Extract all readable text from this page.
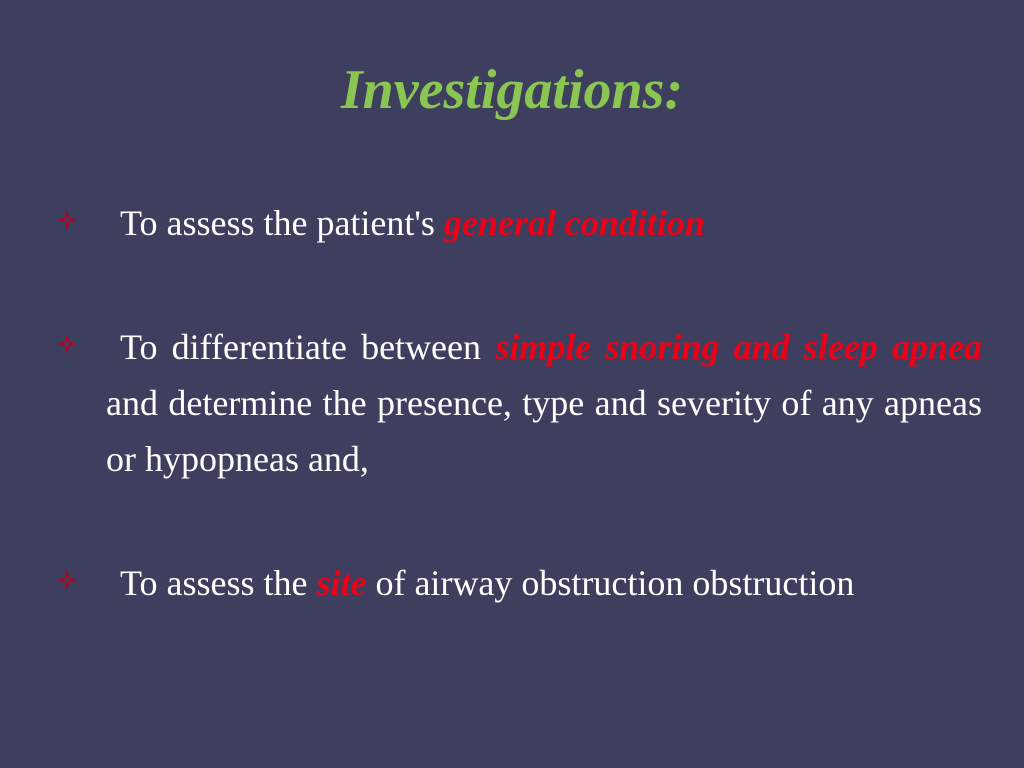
Investigations:
To assess the patient's general condition
To differentiate between simple snoring and sleep apnea and determine the presence, type and severity of any apneas or hypopneas and,
To assess the site of airway obstruction obstruction
